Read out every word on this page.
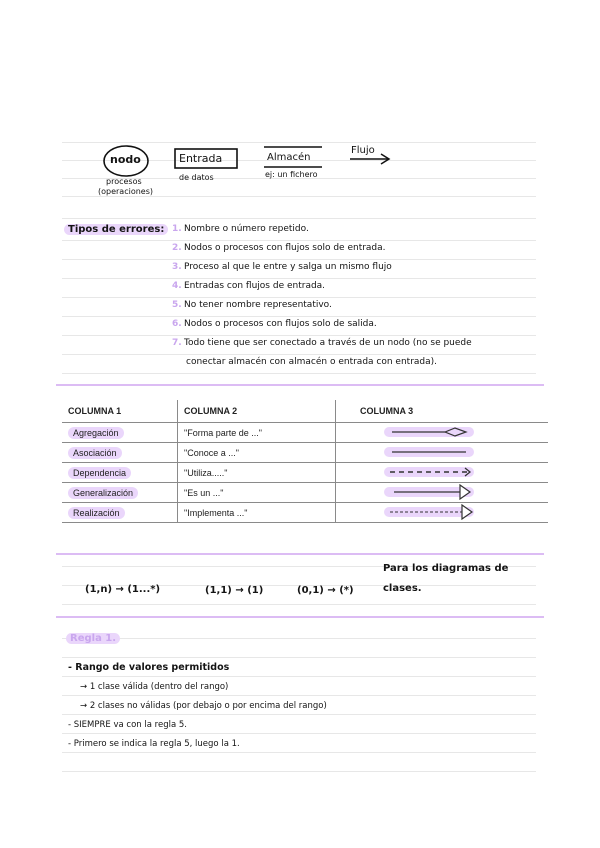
nodo
procesos
(operaciones)
Entrada
de datos
Almacén
ej: un fichero
Flujo
Tipos de errores: 1. Nombre o número repetido.
2. Nodos o procesos con flujos solo de entrada.
3. Proceso al que le entre y salga un mismo flujo
4. Entradas con flujos de entrada.
5. No tener nombre representativo.
6. Nodos o procesos con flujos solo de salida.
7. Todo tiene que ser conectado a través de un nodo (no se puede
conectar almacén con almacén o entrada con entrada).
COLUMNA 1	COLUMNA 2	COLUMNA 3
Agregación	"Forma parte de ..."	
Asociación	"Conoce a ..."	
Dependencia	"Utiliza....."	
Generalización	"Es un ..."	
Realización	"Implementa ..."	
(1,n) → (1...*)	(1,1) → (1)	(0,1) → (*)
Para los diagramas de
clases.
Regla 1.
- Rango de valores permitidos
→ 1 clase válida (dentro del rango)
→ 2 clases no válidas (por debajo o por encima del rango)
- SIEMPRE va con la regla 5.
- Primero se indica la regla 5, luego la 1.
